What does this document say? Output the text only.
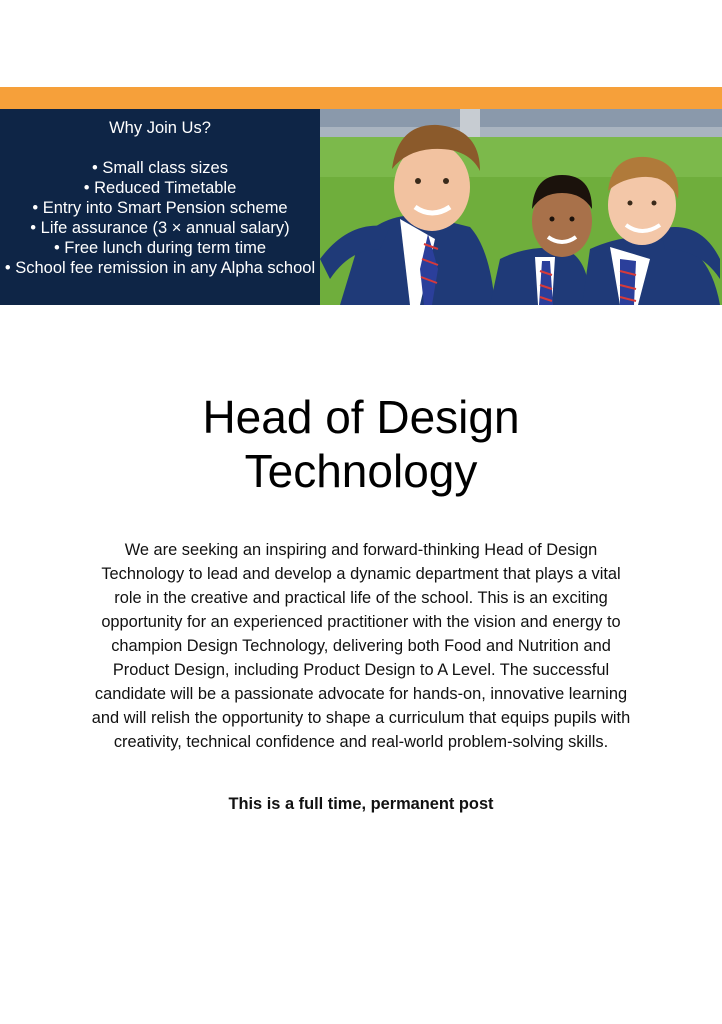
Why Join Us?
• Small class sizes
• Reduced Timetable
• Entry into Smart Pension scheme
• Life assurance (3 × annual salary)
• Free lunch during term time
• School fee remission in any Alpha school
Head of Design
Technology

We are seeking an inspiring and forward-thinking Head of Design Technology to lead and develop a dynamic department that plays a vital role in the creative and practical life of the school. This is an exciting opportunity for an experienced practitioner with the vision and energy to champion Design Technology, delivering both Food and Nutrition and Product Design, including Product Design to A Level. The successful candidate will be a passionate advocate for hands-on, innovative learning and will relish the opportunity to shape a curriculum that equips pupils with creativity, technical confidence and real-world problem-solving skills.

This is a full time, permanent post
